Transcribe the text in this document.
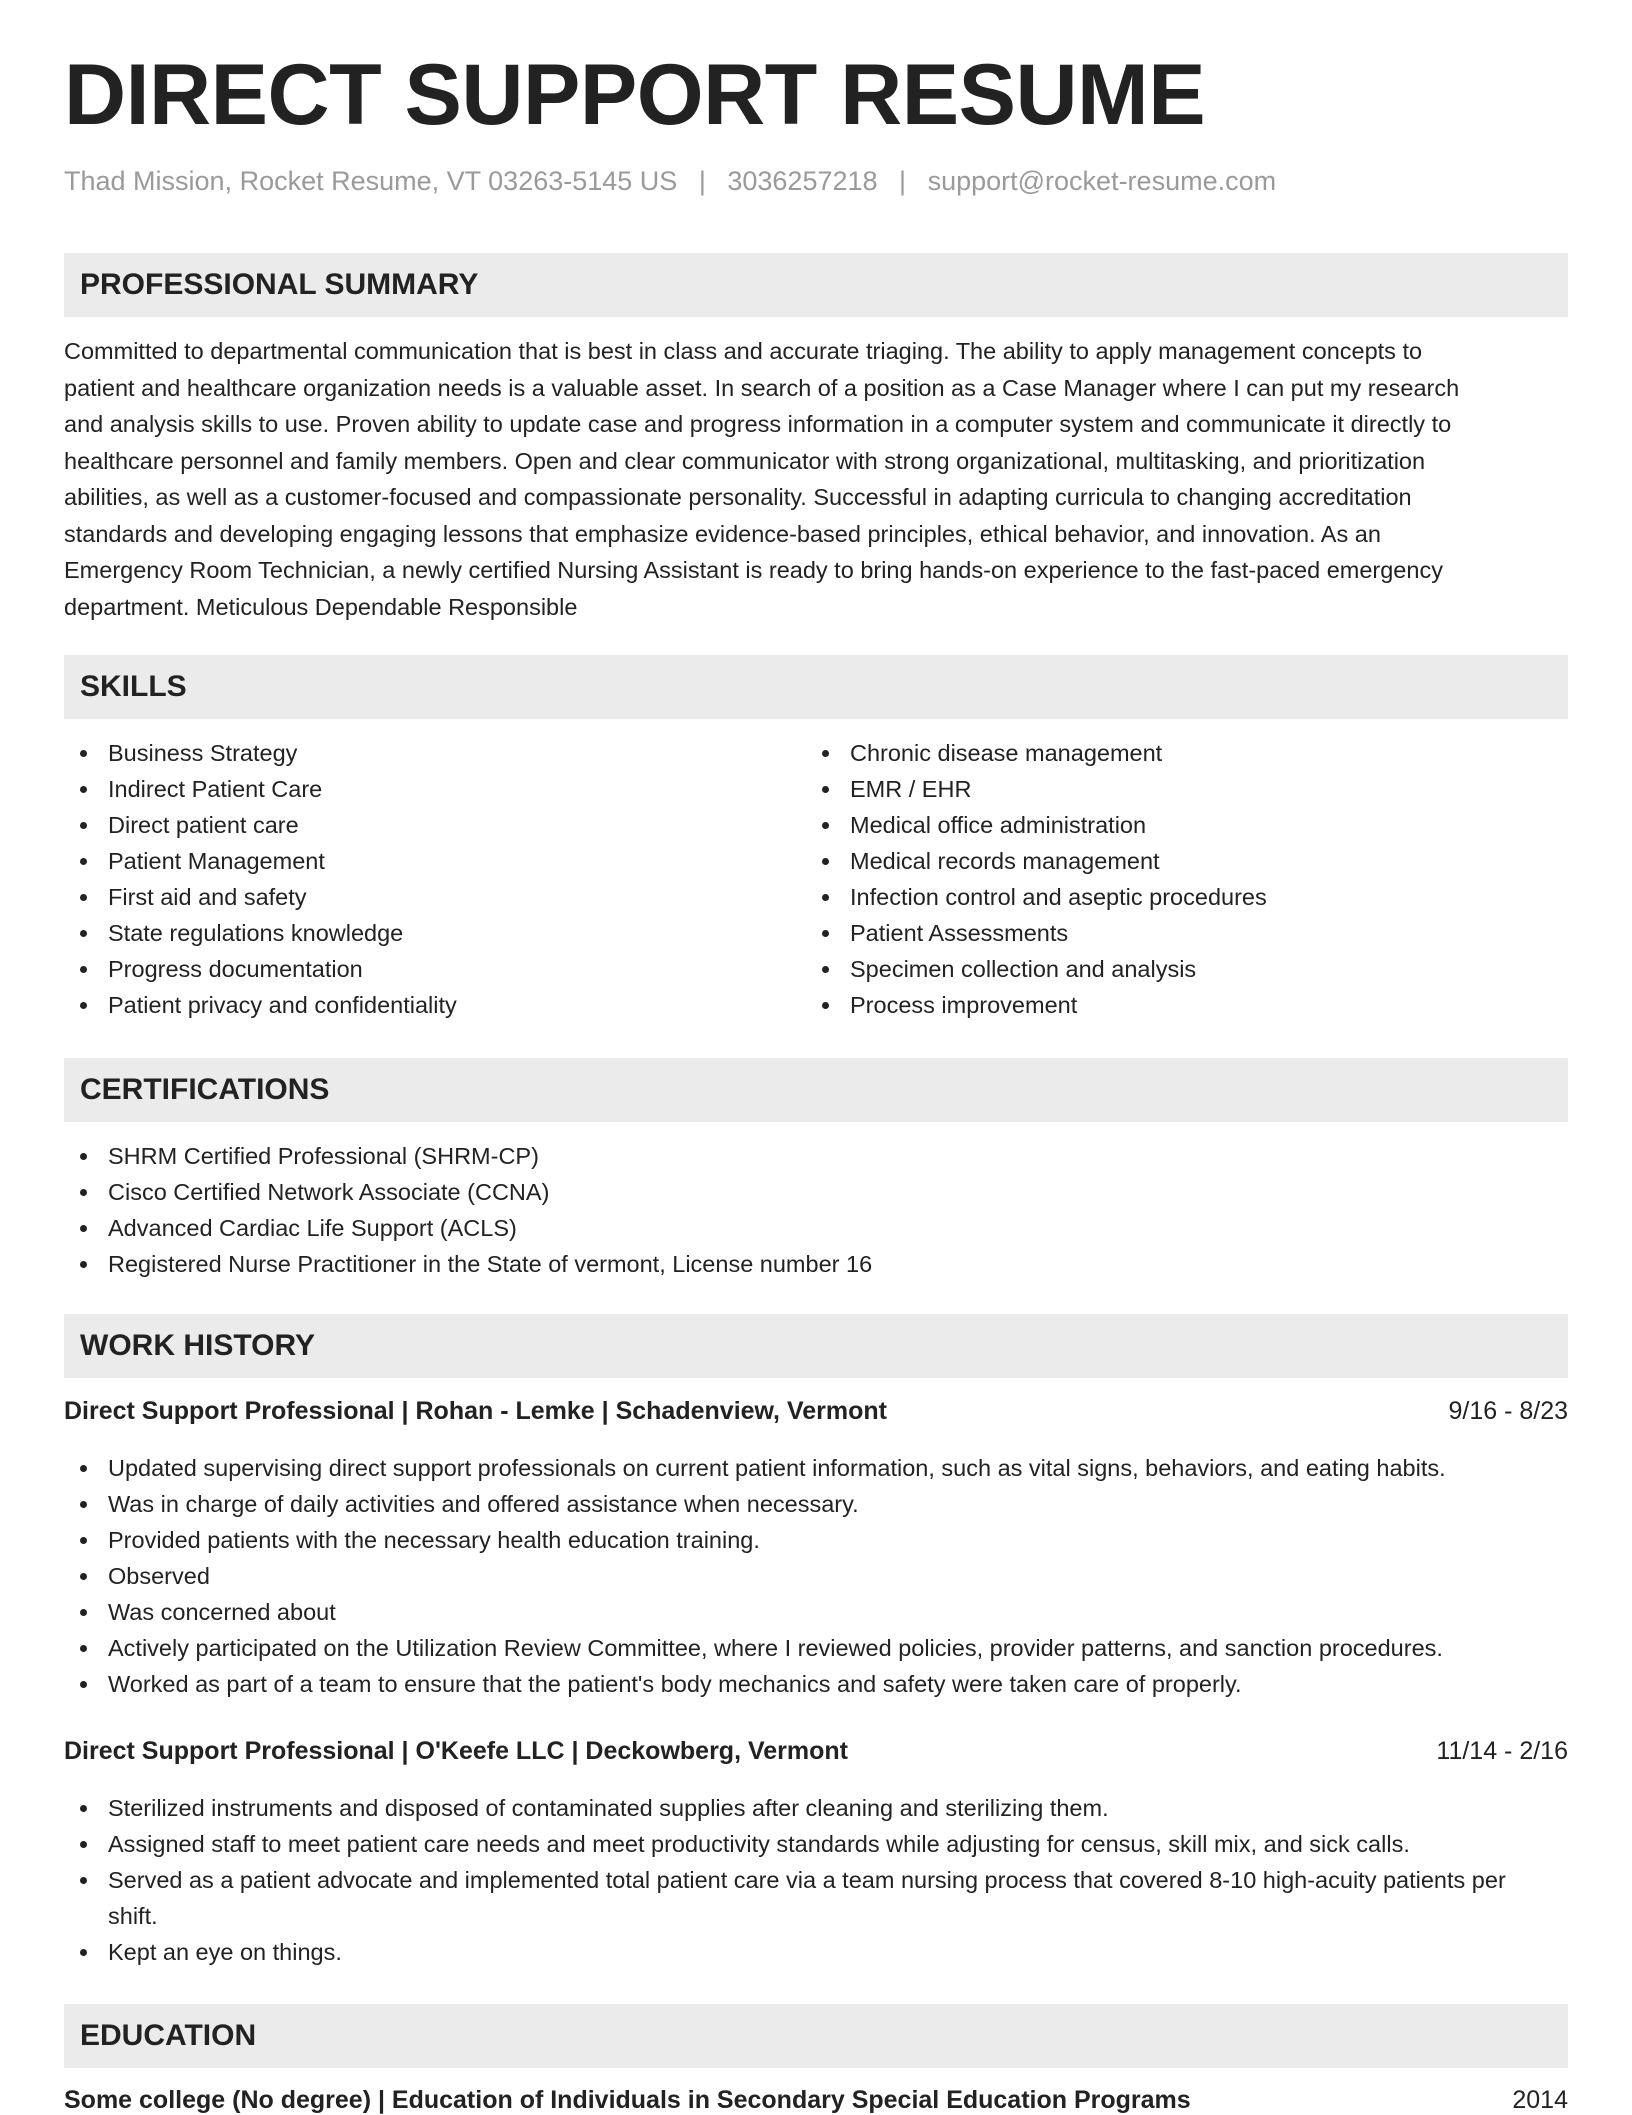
DIRECT SUPPORT RESUME
Thad Mission, Rocket Resume, VT 03263-5145 US | 3036257218 | support@rocket-resume.com
PROFESSIONAL SUMMARY
Committed to departmental communication that is best in class and accurate triaging. The ability to apply management concepts to
patient and healthcare organization needs is a valuable asset. In search of a position as a Case Manager where I can put my research
and analysis skills to use. Proven ability to update case and progress information in a computer system and communicate it directly to
healthcare personnel and family members. Open and clear communicator with strong organizational, multitasking, and prioritization
abilities, as well as a customer-focused and compassionate personality. Successful in adapting curricula to changing accreditation
standards and developing engaging lessons that emphasize evidence-based principles, ethical behavior, and innovation. As an
Emergency Room Technician, a newly certified Nursing Assistant is ready to bring hands-on experience to the fast-paced emergency
department. Meticulous Dependable Responsible
SKILLS
Business Strategy
Indirect Patient Care
Direct patient care
Patient Management
First aid and safety
State regulations knowledge
Progress documentation
Patient privacy and confidentiality
Chronic disease management
EMR / EHR
Medical office administration
Medical records management
Infection control and aseptic procedures
Patient Assessments
Specimen collection and analysis
Process improvement
CERTIFICATIONS
SHRM Certified Professional (SHRM-CP)
Cisco Certified Network Associate (CCNA)
Advanced Cardiac Life Support (ACLS)
Registered Nurse Practitioner in the State of vermont, License number 16
WORK HISTORY
Direct Support Professional | Rohan - Lemke | Schadenview, Vermont	9/16 - 8/23
Updated supervising direct support professionals on current patient information, such as vital signs, behaviors, and eating habits.
Was in charge of daily activities and offered assistance when necessary.
Provided patients with the necessary health education training.
Observed
Was concerned about
Actively participated on the Utilization Review Committee, where I reviewed policies, provider patterns, and sanction procedures.
Worked as part of a team to ensure that the patient's body mechanics and safety were taken care of properly.
Direct Support Professional | O'Keefe LLC | Deckowberg, Vermont	11/14 - 2/16
Sterilized instruments and disposed of contaminated supplies after cleaning and sterilizing them.
Assigned staff to meet patient care needs and meet productivity standards while adjusting for census, skill mix, and sick calls.
Served as a patient advocate and implemented total patient care via a team nursing process that covered 8-10 high-acuity patients per shift.
Kept an eye on things.
EDUCATION
Some college (No degree) | Education of Individuals in Secondary Special Education Programs	2014
